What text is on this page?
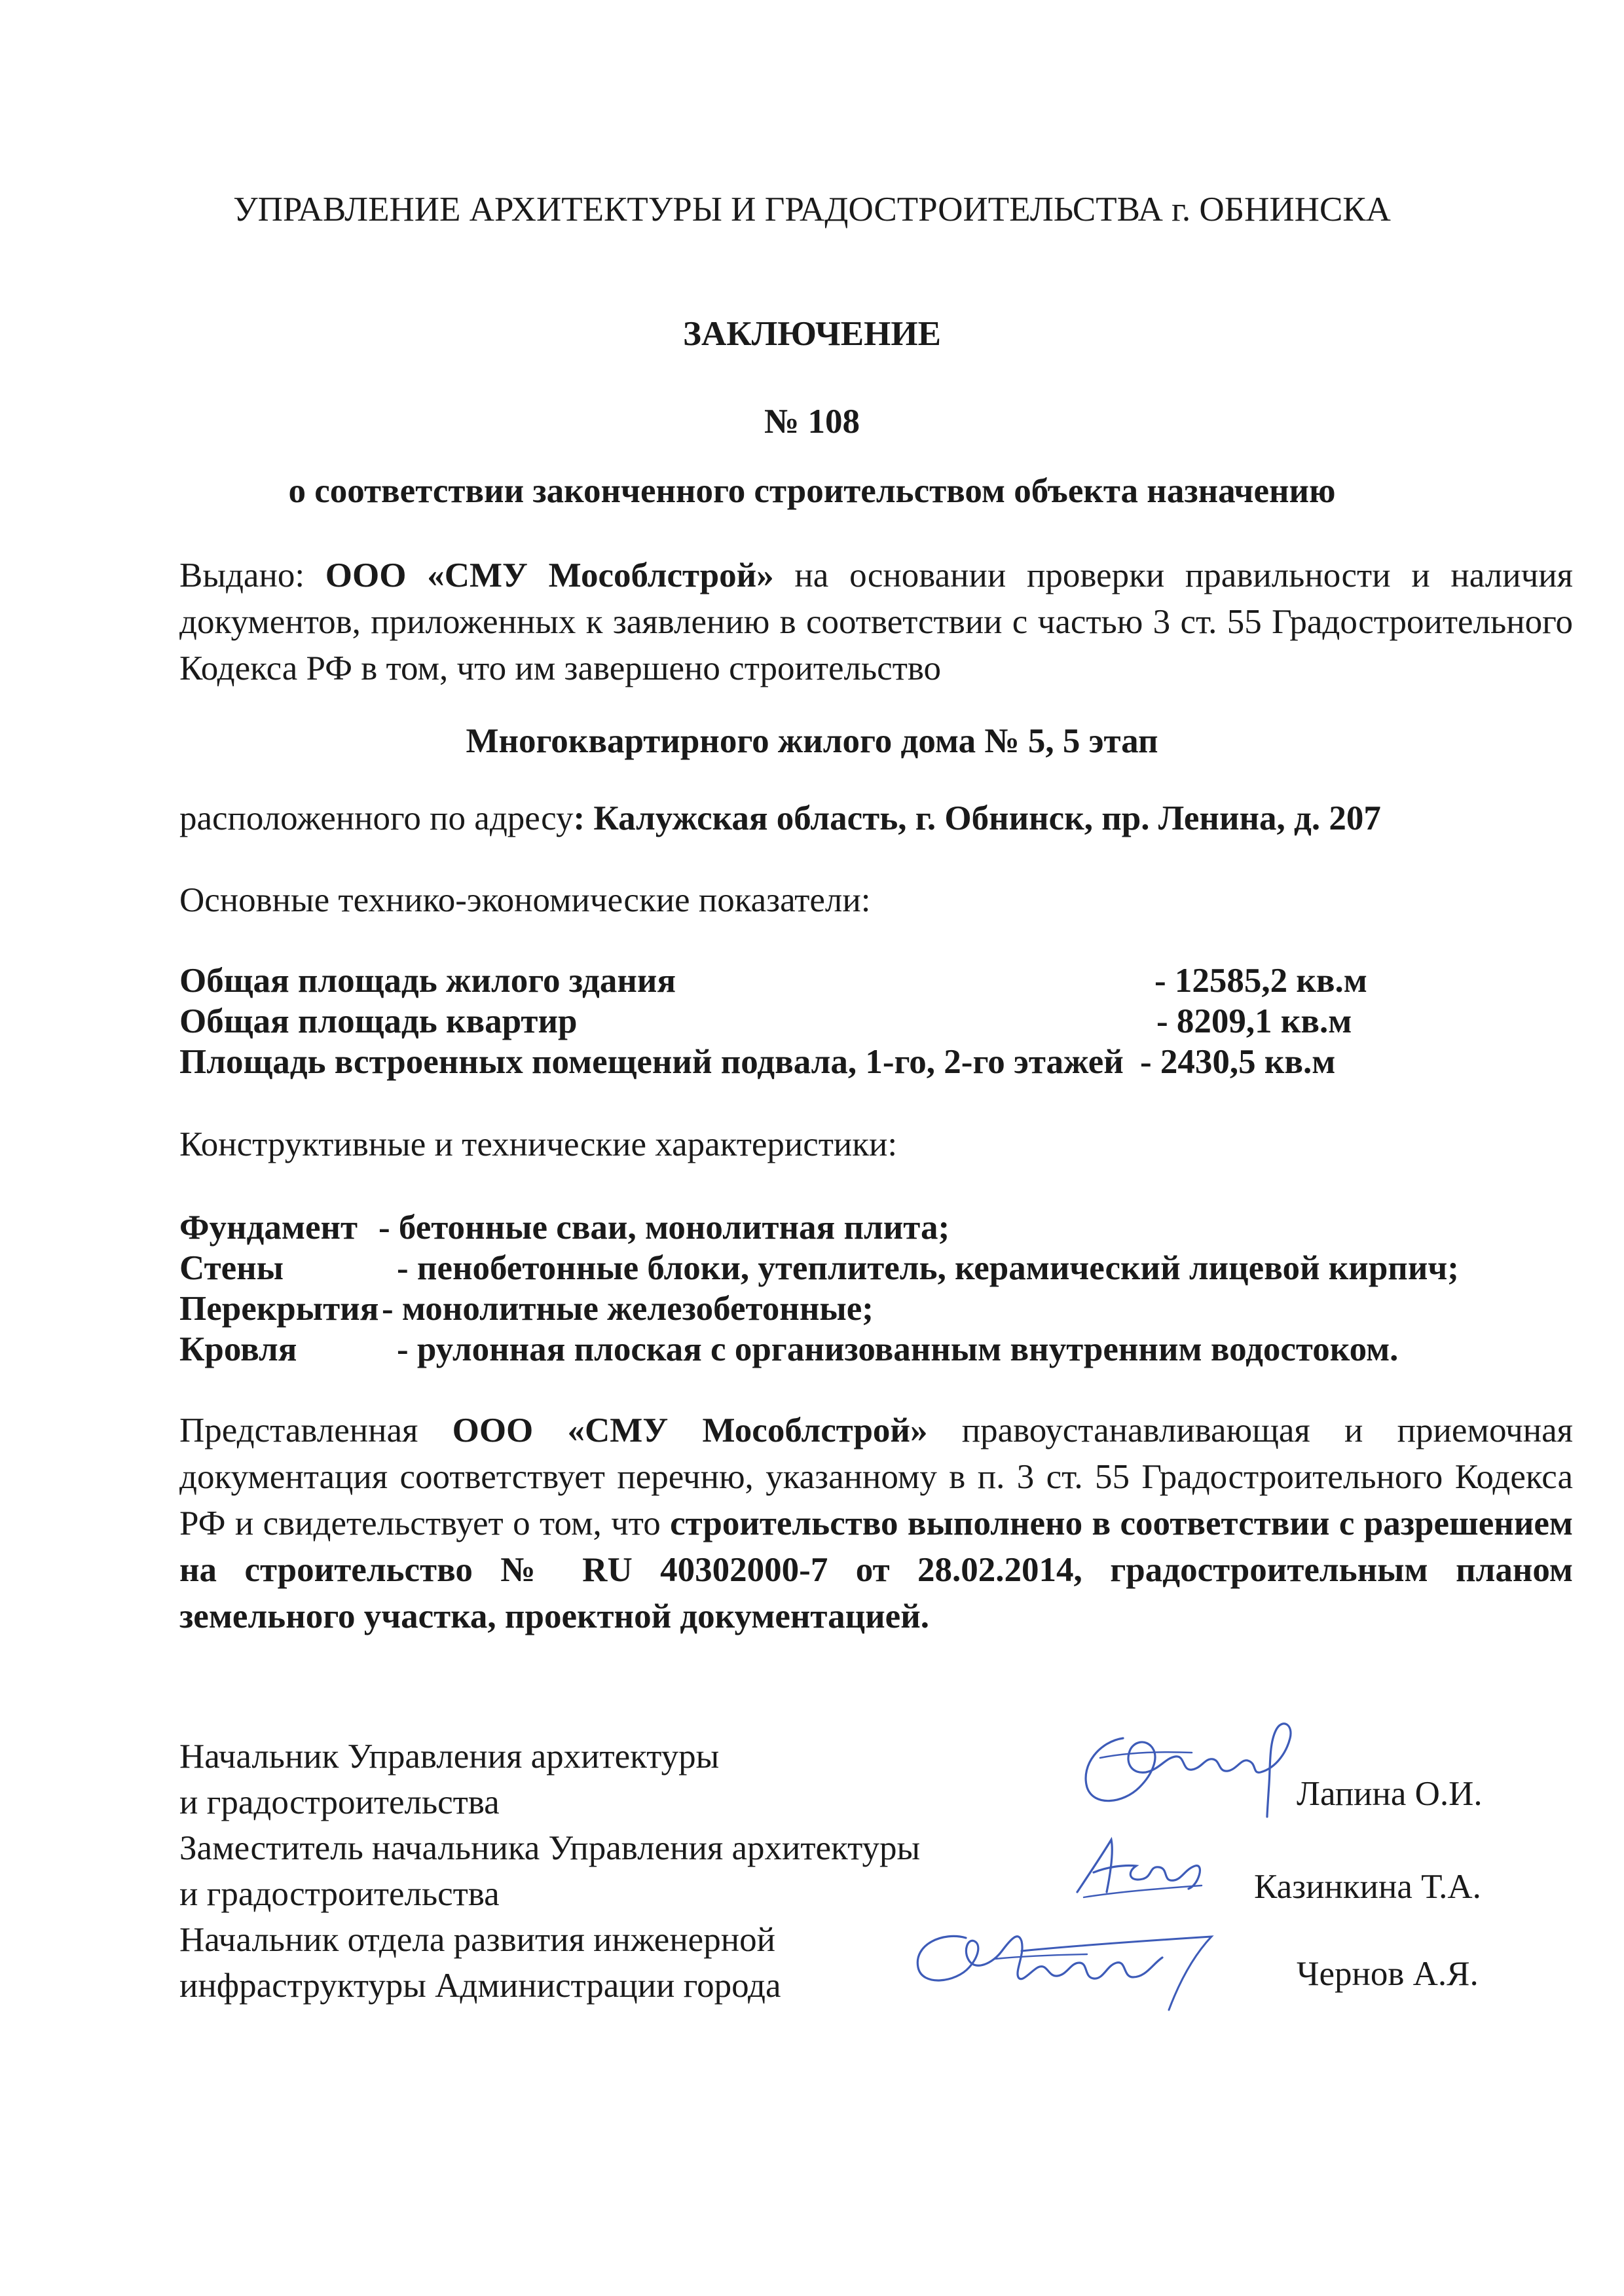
УПРАВЛЕНИЕ АРХИТЕКТУРЫ И ГРАДОСТРОИТЕЛЬСТВА г. ОБНИНСКА

ЗАКЛЮЧЕНИЕ

№ 108

о соответствии законченного строительством объекта назначению

Выдано: ООО «СМУ Мособлстрой» на основании проверки правильности и наличия документов, приложенных к заявлению в соответствии с частью 3 ст. 55 Градостроительного Кодекса РФ в том, что им завершено строительство

Многоквартирного жилого дома № 5, 5 этап

расположенного по адресу: Калужская область, г. Обнинск, пр. Ленина, д. 207

Основные технико-экономические показатели:

Общая площадь жилого здания	- 12585,2 кв.м

Общая площадь квартир	- 8209,1 кв.м

Площадь встроенных помещений подвала, 1-го, 2-го этажей - 2430,5 кв.м

Конструктивные и технические характеристики:

Фундамент - бетонные сваи, монолитная плита;

Стены	- пенобетонные блоки, утеплитель, керамический лицевой кирпич;

Перекрытия - монолитные железобетонные;

Кровля	- рулонная плоская с организованным внутренним водостоком.

Представленная ООО «СМУ Мособлстрой» правоустанавливающая и приемочная документация соответствует перечню, указанному в п. 3 ст. 55 Градостроительного Кодекса РФ и свидетельствует о том, что строительство выполнено в соответствии с разрешением на строительство № RU 40302000-7 от 28.02.2014, градостроительным планом земельного участка, проектной документацией.

Начальник Управления архитектуры
и градостроительства
Заместитель начальника Управления архитектуры
и градостроительства
Начальник отдела развития инженерной
инфраструктуры Администрации города

Лапина О.И.

Казинкина Т.А.

Чернов А.Я.
